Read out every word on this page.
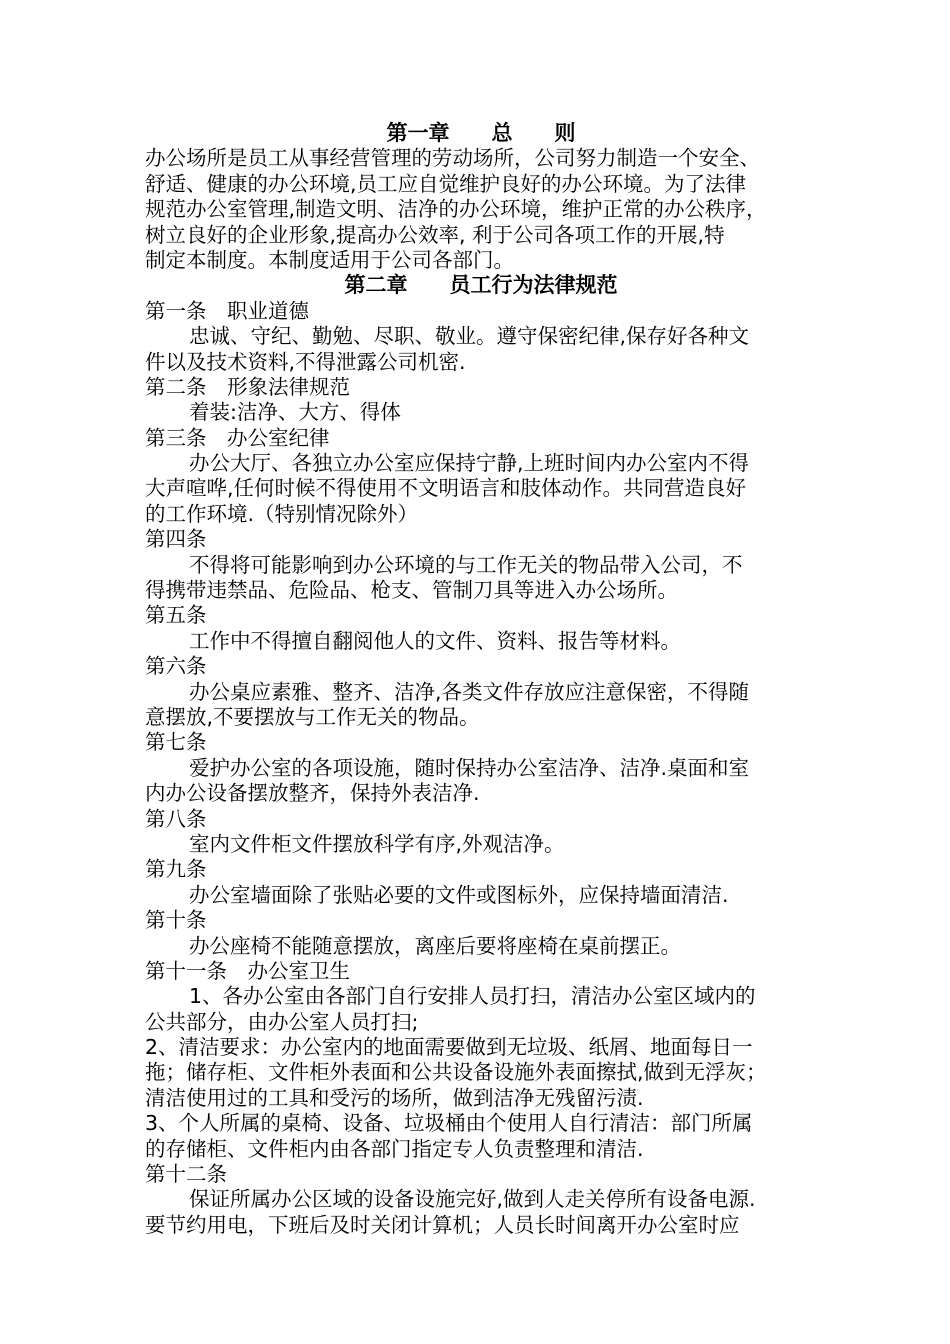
第一章　　总　　则
办公场所是员工从事经营管理的劳动场所，公司努力制造一个安全、
舒适、健康的办公环境,员工应自觉维护良好的办公环境。为了法律
规范办公室管理,制造文明、洁净的办公环境，维护正常的办公秩序，
树立良好的企业形象,提高办公效率, 利于公司各项工作的开展,特
制定本制度。本制度适用于公司各部门。
第二章　　员工行为法律规范
第一条　职业道德
忠诚、守纪、勤勉、尽职、敬业。遵守保密纪律,保存好各种文
件以及技术资料,不得泄露公司机密.
第二条　形象法律规范
着装:洁净、大方、得体
第三条　办公室纪律
办公大厅、各独立办公室应保持宁静,上班时间内办公室内不得
大声喧哗,任何时候不得使用不文明语言和肢体动作。共同营造良好
的工作环境.（特别情况除外）
第四条
不得将可能影响到办公环境的与工作无关的物品带入公司，不
得携带违禁品、危险品、枪支、管制刀具等进入办公场所。
第五条
工作中不得擅自翻阅他人的文件、资料、报告等材料。
第六条
办公桌应素雅、整齐、洁净,各类文件存放应注意保密，不得随
意摆放,不要摆放与工作无关的物品。
第七条
爱护办公室的各项设施，随时保持办公室洁净、洁净.桌面和室
内办公设备摆放整齐，保持外表洁净.
第八条
室内文件柜文件摆放科学有序,外观洁净。
第九条
办公室墙面除了张贴必要的文件或图标外，应保持墙面清洁.
第十条
办公座椅不能随意摆放，离座后要将座椅在桌前摆正。
第十一条　办公室卫生
1、各办公室由各部门自行安排人员打扫，清洁办公室区域内的
公共部分，由办公室人员打扫;
2、清洁要求：办公室内的地面需要做到无垃圾、纸屑、地面每日一
拖；储存柜、文件柜外表面和公共设备设施外表面擦拭,做到无浮灰；
清洁使用过的工具和受污的场所，做到洁净无残留污渍.
3、个人所属的桌椅、设备、垃圾桶由个使用人自行清洁：部门所属
的存储柜、文件柜内由各部门指定专人负责整理和清洁.
第十二条
保证所属办公区域的设备设施完好,做到人走关停所有设备电源.
要节约用电，下班后及时关闭计算机；人员长时间离开办公室时应
